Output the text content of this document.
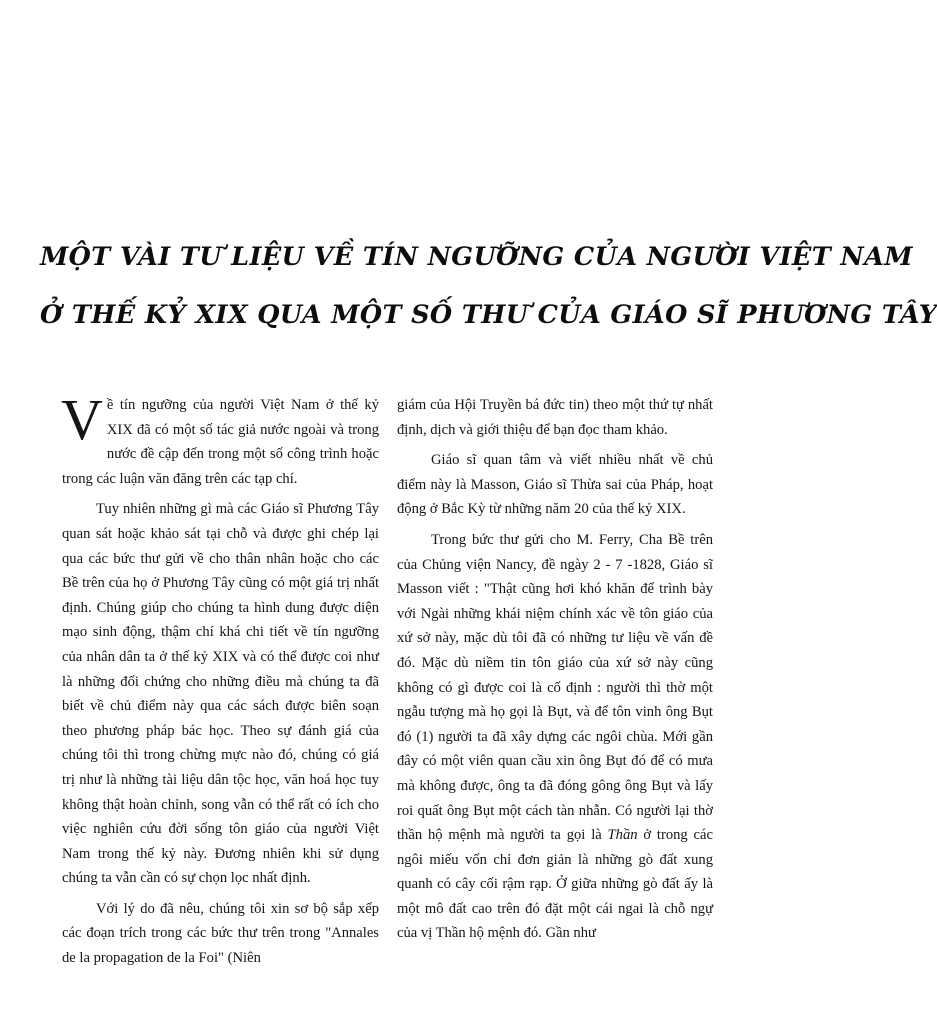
MỘT VÀI TƯ LIỆU VỀ TÍN NGƯỠNG CỦA NGƯỜI VIỆT NAM
Ở THẾ KỶ XIX QUA MỘT SỐ THƯ CỦA GIÁO SĨ PHƯƠNG TÂY

Về tín ngưỡng của người Việt Nam ở thế kỷ XIX đã có một số tác giả nước ngoài và trong nước đề cập đến trong một số công trình hoặc trong các luận văn đăng trên các tạp chí.

Tuy nhiên những gì mà các Giáo sĩ Phương Tây quan sát hoặc khảo sát tại chỗ và được ghi chép lại qua các bức thư gửi về cho thân nhân hoặc cho các Bề trên của họ ở Phương Tây cũng có một giá trị nhất định. Chúng giúp cho chúng ta hình dung được diện mạo sinh động, thậm chí khá chi tiết về tín ngưỡng của nhân dân ta ở thế kỷ XIX và có thể được coi như là những đối chứng cho những điều mà chúng ta đã biết về chủ điểm này qua các sách được biên soạn theo phương pháp bác học. Theo sự đánh giá của chúng tôi thì trong chừng mực nào đó, chúng có giá trị như là những tài liệu dân tộc học, văn hoá học tuy không thật hoàn chỉnh, song vẫn có thể rất có ích cho việc nghiên cứu đời sống tôn giáo của người Việt Nam trong thế kỷ này. Đương nhiên khi sử dụng chúng ta vẫn cần có sự chọn lọc nhất định.

Với lý do đã nêu, chúng tôi xin sơ bộ sắp xếp các đoạn trích trong các bức thư trên trong "Annales de la propagation de la Foi" (Niên

giám của Hội Truyền bá đức tin) theo một thứ tự nhất định, dịch và giới thiệu để bạn đọc tham khảo.

Giáo sĩ quan tâm và viết nhiều nhất về chủ điểm này là Masson, Giáo sĩ Thừa sai của Pháp, hoạt động ở Bắc Kỳ từ những năm 20 của thế kỷ XIX.

Trong bức thư gửi cho M. Ferry, Cha Bề trên của Chủng viện Nancy, đề ngày 2 - 7 -1828, Giáo sĩ Masson viết : "Thật cũng hơi khó khăn để trình bày với Ngài những khái niệm chính xác về tôn giáo của xứ sở này, mặc dù tôi đã có những tư liệu về vấn đề đó. Mặc dù niềm tin tôn giáo của xứ sở này cũng không có gì được coi là cố định : người thì thờ một ngẫu tượng mà họ gọi là Bụt, và để tôn vinh ông Bụt đó (1) người ta đã xây dựng các ngôi chùa. Mới gần đây có một viên quan cầu xin ông Bụt đó để có mưa mà không được, ông ta đã đóng gông ông Bụt và lấy roi quất ông Bụt một cách tàn nhẫn. Có người lại thờ thần hộ mệnh mà người ta gọi là Thần ở trong các ngôi miếu vốn chỉ đơn giản là những gò đất xung quanh có cây cối rậm rạp. Ở giữa những gò đất ấy là một mô đất cao trên đó đặt một cái ngai là chỗ ngự của vị Thần hộ mệnh đó. Gần như
